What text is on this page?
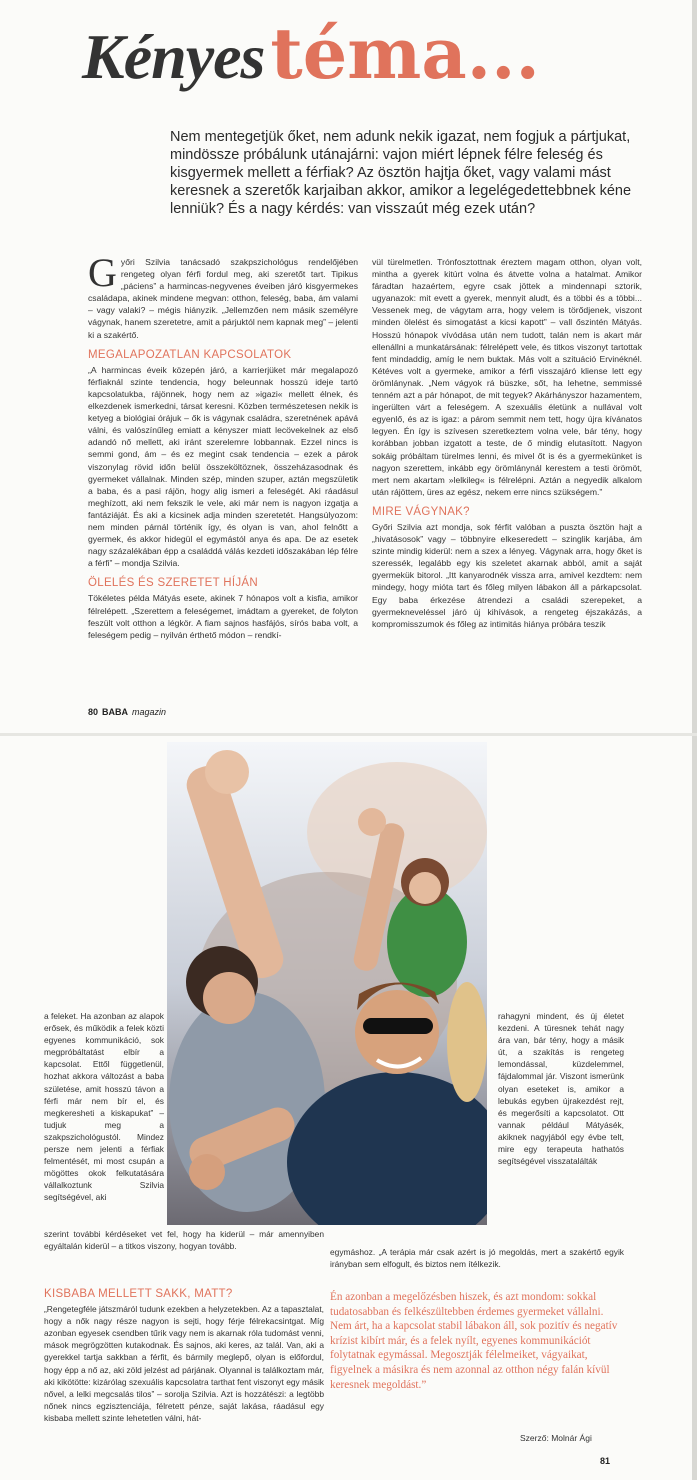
Kényestéma...
Nem mentegetjük őket, nem adunk nekik igazat, nem fogjuk a pártjukat, mindössze próbálunk utánajárni: vajon miért lépnek félre feleség és kisgyermek mellett a férfiak? Az ösztön hajtja őket, vagy valami mást keresnek a szeretők karjaiban akkor, amikor a legelégedettebbnek kéne lenniük? És a nagy kérdés: van visszaút még ezek után?

Győri Szilvia tanácsadó szakpszichológus rendelőjében rengeteg olyan férfi fordul meg, aki szeretőt tart. Tipikus „páciens” a harmincas-negyvenes éveiben járó kisgyermekes családapa, akinek mindene megvan: otthon, feleség, baba, ám valami – vagy valaki? – mégis hiányzik. „Jellemzően nem másik személyre vágynak, hanem szeretetre, amit a párjuktól nem kapnak meg” – jelenti ki a szakértő.

MEGALAPOZATLAN KAPCSOLATOK

„A harmincas éveik közepén járó, a karrierjüket már megalapozó férfiaknál szinte tendencia, hogy beleunnak hosszú ideje tartó kapcsolatukba, rájönnek, hogy nem az »igazi« mellett élnek, és elkezdenek ismerkedni, társat keresni. Közben természetesen nekik is ketyeg a biológiai órájuk – ők is vágynak családra, szeretnének apává válni, és valószínűleg emiatt a kényszer miatt lecövekelnek az első adandó nő mellett, aki iránt szerelemre lobbannak. Ezzel nincs is semmi gond, ám – és ez megint csak tendencia – ezek a párok viszonylag rövid időn belül összeköltöznek, összeházasodnak és gyermeket vállalnak. Minden szép, minden szuper, aztán megszületik a baba, és a pasi rájön, hogy alig ismeri a feleségét. Aki ráadásul meghízott, aki nem fekszik le vele, aki már nem is nagyon izgatja a fantáziáját. És aki a kicsinek adja minden szeretetét. Hangsúlyozom: nem minden párnál történik így, és olyan is van, ahol felnőtt a gyermek, és akkor hidegül el egymástól anya és apa. De az esetek nagy százalékában épp a családdá válás kezdeti időszakában lép félre a férfi” – mondja Szilvia.

ÖLELÉS ÉS SZERETET HÍJÁN

Tökéletes példa Mátyás esete, akinek 7 hónapos volt a kisfia, amikor félrelépett. „Szerettem a feleségemet, imádtam a gyereket, de folyton feszült volt otthon a légkör. A fiam sajnos hasfájós, sírós baba volt, a feleségem pedig – nyilván érthető módon – rendkí-

vül türelmetlen. Trónfosztottnak éreztem magam otthon, olyan volt, mintha a gyerek kitúrt volna és átvette volna a hatalmat. Amikor fáradtan hazaértem, egyre csak jöttek a mindennapi sztorik, ugyanazok: mit evett a gyerek, mennyit aludt, és a többi és a többi... Vessenek meg, de vágytam arra, hogy velem is törődjenek, viszont minden ölelést és simogatást a kicsi kapott” – vall őszintén Mátyás. Hosszú hónapok vívódása után nem tudott, talán nem is akart már ellenállni a munkatársának: félrelépett vele, és titkos viszonyt tartottak fent mindaddig, amíg le nem buktak. Más volt a szituáció Ervinéknél. Kétéves volt a gyermeke, amikor a férfi visszajáró kliense lett egy örömlánynak. „Nem vágyok rá büszke, sőt, ha lehetne, semmissé tenném azt a pár hónapot, de mit tegyek? Akárhányszor hazamentem, ingerülten várt a feleségem. A szexuális életünk a nullával volt egyenlő, és az is igaz: a párom semmit nem tett, hogy újra kívánatos legyen. Én így is szívesen szeretkeztem volna vele, bár tény, hogy korábban jobban izgatott a teste, de ő mindig elutasított. Nagyon sokáig próbáltam türelmes lenni, és mivel őt is és a gyermekünket is nagyon szerettem, inkább egy örömlánynál kerestem a testi örömöt, mert nem akartam »lelkileg« is félrelépni. Aztán a negyedik alkalom után rájöttem, üres az egész, nekem erre nincs szükségem.”

MIRE VÁGYNAK?

Győri Szilvia azt mondja, sok férfit valóban a puszta ösztön hajt a „hivatásosok” vagy – többnyire elkeseredett – szinglik karjába, ám szinte mindig kiderül: nem a szex a lényeg. Vágynak arra, hogy őket is szeressék, legalább egy kis szeletet akarnak abból, amit a saját gyermekük bitorol. „Itt kanyarodnék vissza arra, amivel kezdtem: nem mindegy, hogy mióta tart és főleg milyen lábakon áll a párkapcsolat. Egy baba érkezése átrendezi a családi szerepeket, a gyermekneveléssel járó új kihívások, a rengeteg éjszakázás, a kompromisszumok és főleg az intimitás hiánya próbára teszik

80 BABA magazin
a feleket. Ha azonban az alapok erősek, és működik a felek közti egyenes kommunikáció, sok megpróbáltatást elbír a kapcsolat. Ettől függetlenül, hozhat akkora változást a baba születése, amit hosszú távon a férfi már nem bír el, és megkeresheti a kiskapukat” – tudjuk meg a szakpszichológustól. Mindez persze nem jelenti a férfiak felmentését, mi most csupán a mögöttes okok felkutatására vállalkoztunk Szilvia segítségével, aki
rahagyni mindent, és új életet kezdeni. A türesnek tehát nagy ára van, bár tény, hogy a másik út, a szakítás is rengeteg lemondással, küzdelemmel, fájdalommal jár. Viszont ismerünk olyan eseteket is, amikor a lebukás egyben újrakezdést rejt, és megerősíti a kapcsolatot. Ott vannak például Mátyásék, akiknek nagyjából egy évbe telt, mire egy terapeuta hathatós segítségével visszatalálták
szerint további kérdéseket vet fel, hogy ha kiderül – már amennyiben egyáltalán kiderül – a titkos viszony, hogyan tovább.
egymáshoz. „A terápia már csak azért is jó megoldás, mert a szakértő egyik irányban sem elfogult, és biztos nem ítélkezik.
KISBABA MELLETT SAKK, MATT?

„Rengetegféle játszmáról tudunk ezekben a helyzetekben. Az a tapasztalat, hogy a nők nagy része nagyon is sejti, hogy férje félrekacsintgat. Míg azonban egyesek csendben tűrik vagy nem is akarnak róla tudomást venni, mások megrögzötten kutakodnak. És sajnos, aki keres, az talál. Van, aki a gyerekkel tartja sakkban a férfit, és bármily meglepő, olyan is előfordul, hogy épp a nő az, aki zöld jelzést ad párjának. Olyannal is találkoztam már, aki kikötötte: kizárólag szexuális kapcsolatra tarthat fent viszonyt egy másik nővel, a lelki megcsalás tilos” – sorolja Szilvia. Azt is hozzátészi: a legtöbb nőnek nincs egzisztenciája, félretett pénze, saját lakása, ráadásul egy kisbaba mellett szinte lehetetlen válni, hát-

Én azonban a megelőzésben hiszek, és azt mondom: sokkal tudatosabban és felkészültebben érdemes gyermeket vállalni. Nem árt, ha a kapcsolat stabil lábakon áll, sok pozitív és negatív krízist kibírt már, és a felek nyílt, egyenes kommunikációt folytatnak egymással. Megosztják félelmeiket, vágyaikat, figyelnek a másikra és nem azonnal az otthon négy falán kívül keresnek megoldást.”
Szerző: Molnár Ági
81
